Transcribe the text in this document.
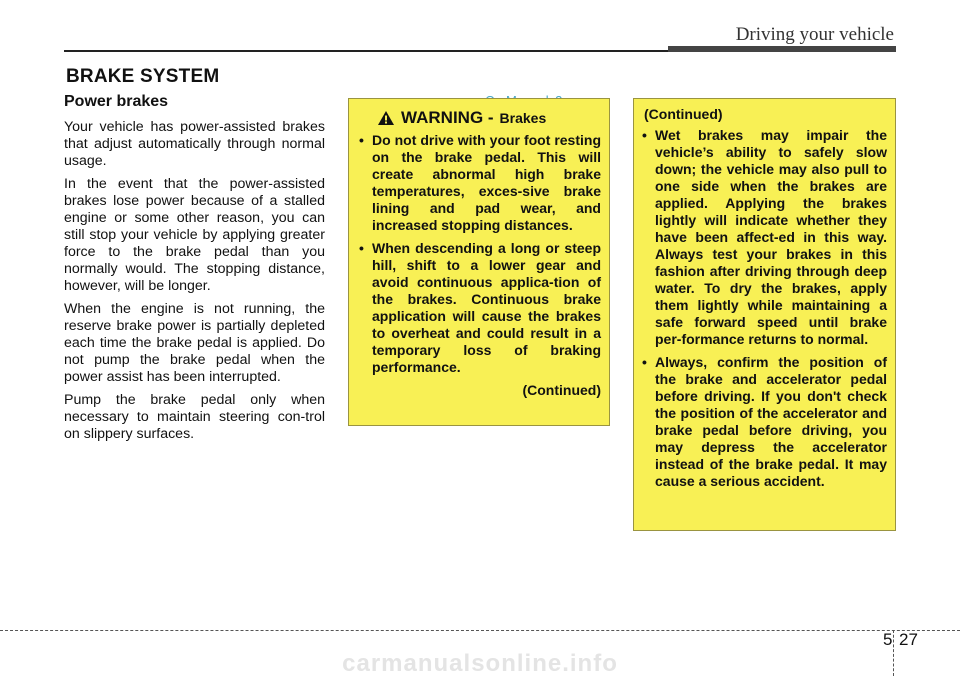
Driving your vehicle
BRAKE SYSTEM
Power brakes

Your vehicle has power-assisted brakes that adjust automatically through normal usage.

In the event that the power-assisted brakes lose power because of a stalled engine or some other reason, you can still stop your vehicle by applying greater force to the brake pedal than you normally would. The stopping distance, however, will be longer.

When the engine is not running, the reserve brake power is partially depleted each time the brake pedal is applied. Do not pump the brake pedal when the power assist has been interrupted.

Pump the brake pedal only when necessary to maintain steering con-trol on slippery surfaces.

WARNING - Brakes
• Do not drive with your foot resting on the brake pedal. This will create abnormal high brake temperatures, exces-sive brake lining and pad wear, and increased stopping distances.
• When descending a long or steep hill, shift to a lower gear and avoid continuous applica-tion of the brakes. Continuous brake application will cause the brakes to overheat and could result in a temporary loss of braking performance.
(Continued)
(Continued)
• Wet brakes may impair the vehicle’s ability to safely slow down; the vehicle may also pull to one side when the brakes are applied. Applying the brakes lightly will indicate whether they have been affect-ed in this way. Always test your brakes in this fashion after driving through deep water. To dry the brakes, apply them lightly while maintaining a safe forward speed until brake per-formance returns to normal.
• Always, confirm the position of the brake and accelerator pedal before driving. If you don't check the position of the accelerator and brake pedal before driving, you may depress the accelerator instead of the brake pedal. It may cause a serious accident.
5 27
carmanualsonline.info
